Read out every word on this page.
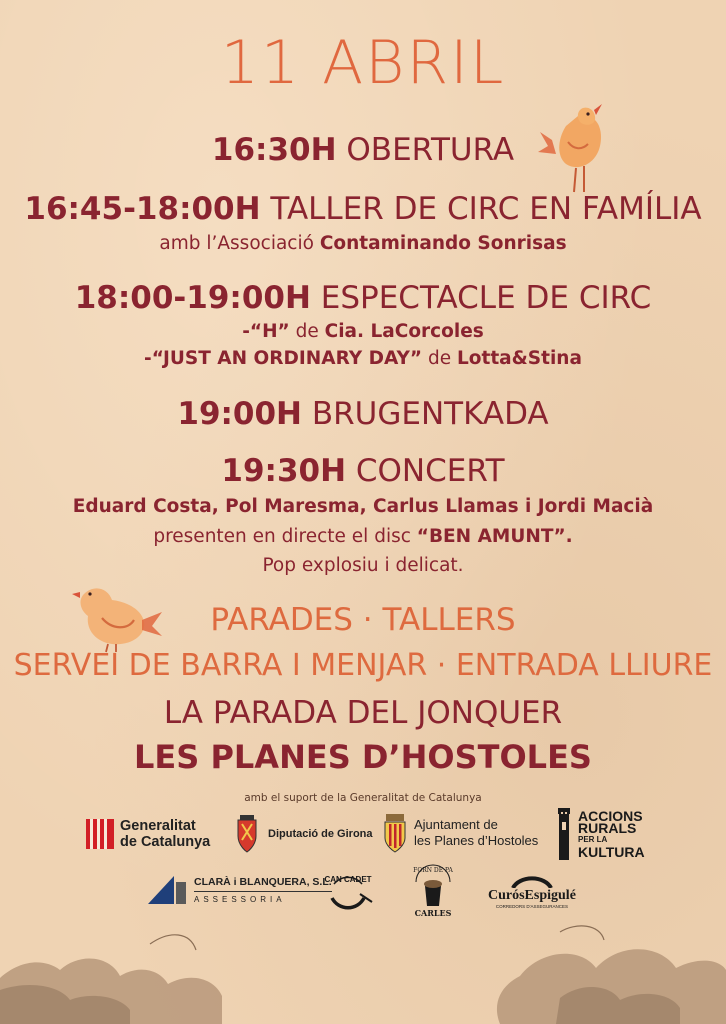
11 ABRIL
16:30H OBERTURA
16:45-18:00H TALLER DE CIRC EN FAMÍLIA
amb l’Associació Contaminando Sonrisas
18:00-19:00H ESPECTACLE DE CIRC
-“H” de Cia. LaCorcoles
-“JUST AN ORDINARY DAY” de Lotta&Stina
19:00H BRUGENTKADA
19:30H CONCERT
Eduard Costa, Pol Maresma, Carlus Llamas i Jordi Macià
presenten en directe el disc “BEN AMUNT”.
Pop explosiu i delicat.
PARADES · TALLERS
SERVEI DE BARRA I MENJAR · ENTRADA LLIURE
LA PARADA DEL JONQUER
LES PLANES D’HOSTOLES
amb el suport de la Generalitat de Catalunya
Generalitat
de Catalunya	Diputació de Girona
Ajuntament de
les Planes d’Hostoles
ACCIONS
RURALS
PER LA
KULTURA
CLARÀ i BLANQUERA, S.L.
ASSESSORIA
CAN CADET
FORN DE PA
CARLES
CurósEspigulé
CORREDORS D'ASSEGURANCES
